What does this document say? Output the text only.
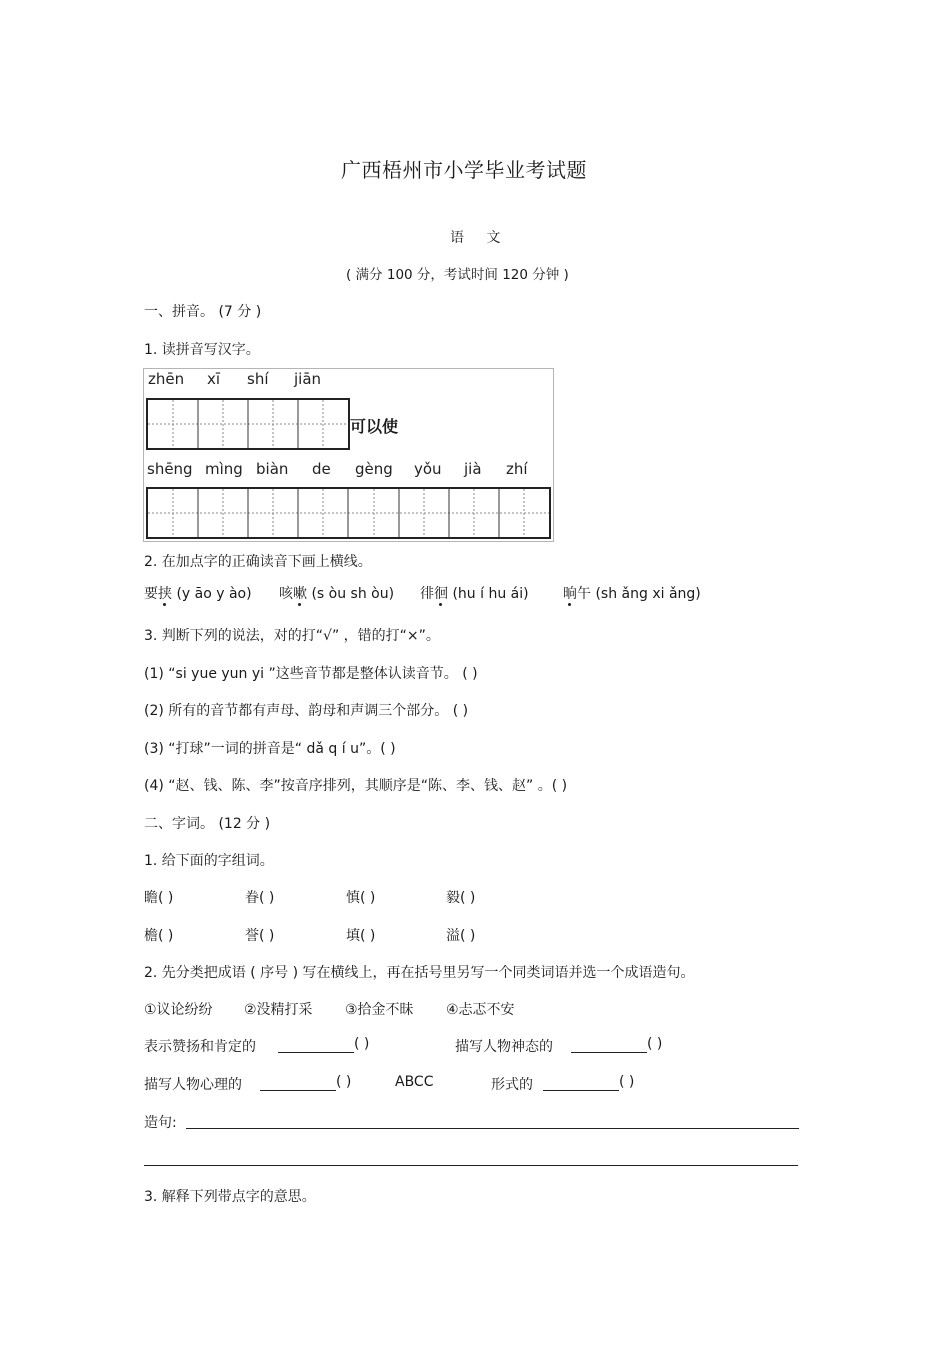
广西梧州市小学毕业考试题
语 文
( 满分 100 分，考试时间 120 分钟 )
一、拼音。 (7 分 )
1. 读拼音写汉字。
zhēn xī shí jiān
可以使
shēng mìng biàn de gèng yǒu jià zhí
2. 在加点字的正确读音下画上横线。
要挟 (y āo y ào) 咳嗽 (s òu sh òu) 徘徊 (hu í hu ái) 晌午 (sh ǎng xi ǎng)
3. 判断下列的说法，对的打“√” ，错的打“×”。
(1) “si yue yun yi ”这些音节都是整体认读音节。 ( )
(2) 所有的音节都有声母、韵母和声调三个部分。 ( )
(3) “打球”一词的拼音是“ dǎ q í u”。( )
(4) “赵、钱、陈、李”按音序排列，其顺序是“陈、李、钱、赵” 。( )
二、字词。 (12 分 )
1. 给下面的字组词。
瞻( )	眷( )	慎( )	毅( )
檐( )	誉( )	填( )	溢( )
2. 先分类把成语 ( 序号 ) 写在横线上，再在括号里另写一个同类词语并选一个成语造句。
①议论纷纷 ②没精打采 ③拾金不昧 ④忐忑不安
表示赞扬和肯定的	( )	描写人物神态的	( )
描写人物心理的	( )	ABCC	形式的	( )
造句:
3. 解释下列带点字的意思。
